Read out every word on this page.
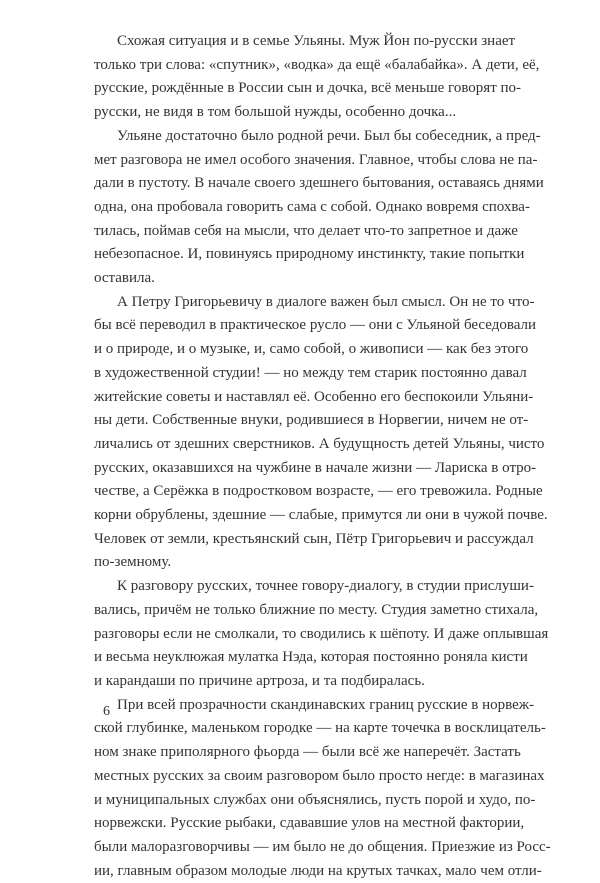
Схожая ситуация и в семье Ульяны. Муж Йон по-русски знает
только три слова: «спутник», «водка» да ещё «балабайка». А дети, её,
русские, рождённые в России сын и дочка, всё меньше говорят по-
русски, не видя в том большой нужды, особенно дочка...

Ульяне достаточно было родной речи. Был бы собеседник, а пред-
мет разговора не имел особого значения. Главное, чтобы слова не па-
дали в пустоту. В начале своего здешнего бытования, оставаясь днями
одна, она пробовала говорить сама с собой. Однако вовремя спохва-
тилась, поймав себя на мысли, что делает что-то запретное и даже
небезопасное. И, повинуясь природному инстинкту, такие попытки
оставила.

А Петру Григорьевичу в диалоге важен был смысл. Он не то что-
бы всё переводил в практическое русло — они с Ульяной беседовали
и о природе, и о музыке, и, само собой, о живописи — как без этого
в художественной студии! — но между тем старик постоянно давал
житейские советы и наставлял её. Особенно его беспокоили Ульяни-
ны дети. Собственные внуки, родившиеся в Норвегии, ничем не от-
личались от здешних сверстников. А будущность детей Ульяны, чисто
русских, оказавшихся на чужбине в начале жизни — Лариска в отро-
честве, а Серёжка в подростковом возрасте, — его тревожила. Родные
корни обрублены, здешние — слабые, примутся ли они в чужой почве.
Человек от земли, крестьянский сын, Пётр Григорьевич и рассуждал
по-земному.

К разговору русских, точнее говору-диалогу, в студии прислуши-
вались, причём не только ближние по месту. Студия заметно стихала,
разговоры если не смолкали, то сводились к шёпоту. И даже оплывшая
и весьма неуклюжая мулатка Нэда, которая постоянно роняла кисти
и карандаши по причине артроза, и та подбиралась.

При всей прозрачности скандинавских границ русские в норвеж-
ской глубинке, маленьком городке — на карте точечка в восклицатель-
ном знаке приполярного фьорда — были всё же наперечёт. Застать
местных русских за своим разговором было просто негде: в магазинах
и муниципальных службах они объяснялись, пусть порой и худо, по-
норвежски. Русские рыбаки, сдававшие улов на местной фактории,
были малоразговорчивы — им было не до общения. Приезжие из Росс-
ии, главным образом молодые люди на крутых тачках, мало чем отли-

6
